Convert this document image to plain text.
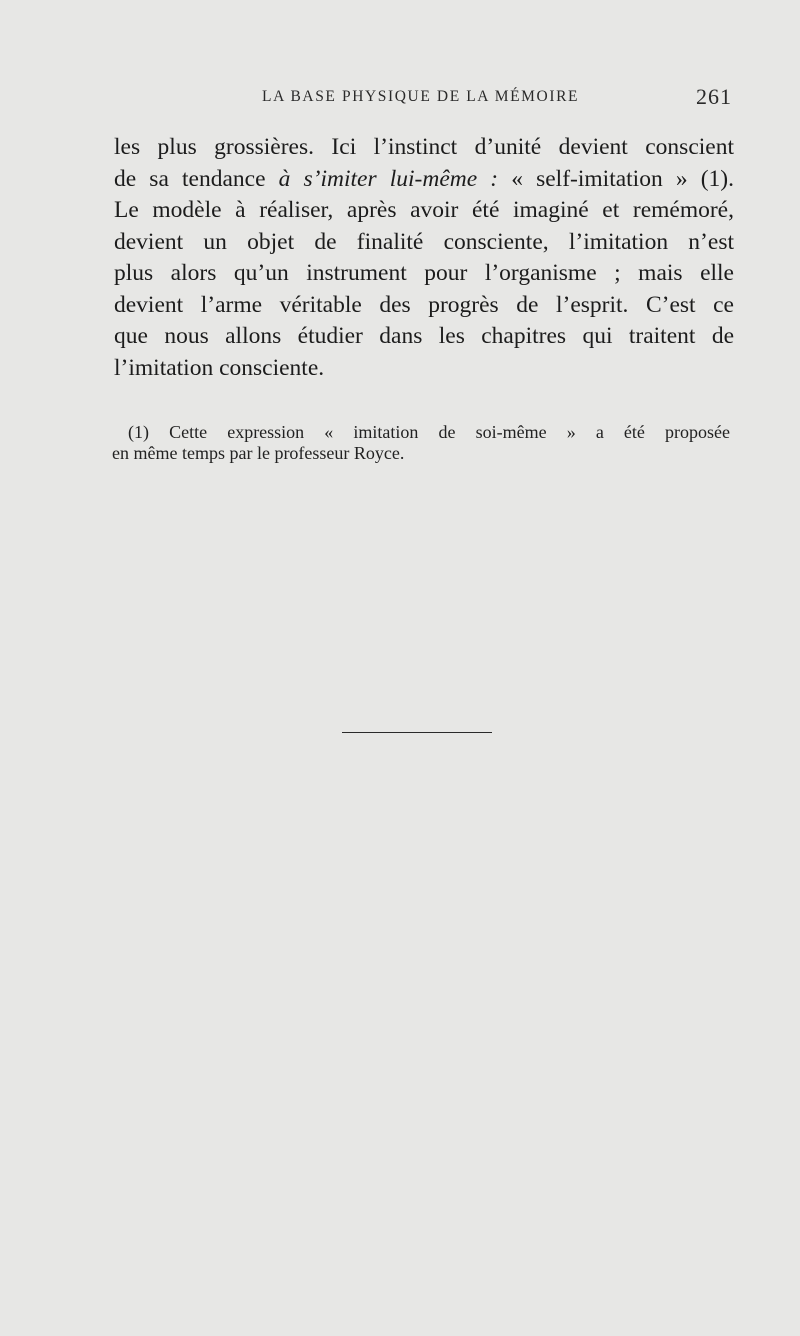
LA BASE PHYSIQUE DE LA MÉMOIRE	261
les plus grossières. Ici l’instinct d’unité devient conscient
de sa tendance à s’imiter lui-même : « self-imitation » (1).
Le modèle à réaliser, après avoir été imaginé et remémoré,
devient un objet de finalité consciente, l’imitation n’est
plus alors qu’un instrument pour l’organisme ; mais elle
devient l’arme véritable des progrès de l’esprit. C’est ce
que nous allons étudier dans les chapitres qui traitent de
l’imitation consciente.
(1) Cette expression « imitation de soi-même » a été proposée
en même temps par le professeur Royce.
